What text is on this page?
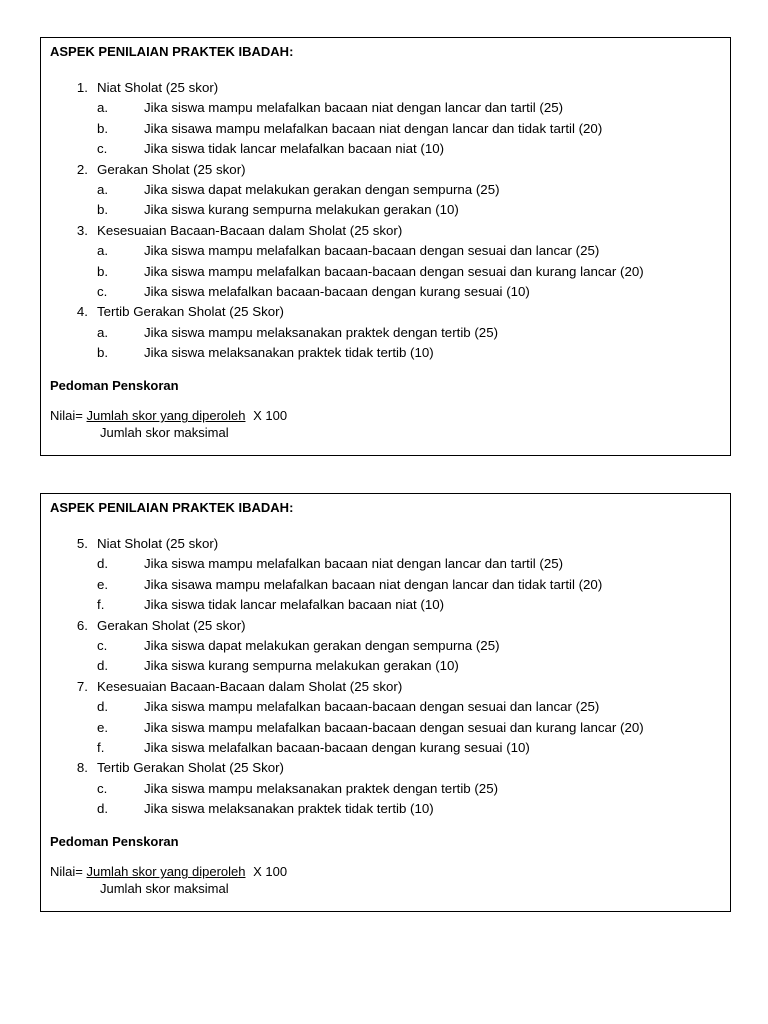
ASPEK PENILAIAN PRAKTEK IBADAH:

1. Niat Sholat (25 skor)
a.	Jika siswa mampu melafalkan bacaan niat dengan lancar dan tartil (25)
b.	Jika sisawa mampu melafalkan bacaan niat dengan lancar dan tidak tartil (20)
c.	Jika siswa tidak lancar melafalkan bacaan niat (10)
2. Gerakan Sholat (25 skor)
a.	Jika siswa dapat melakukan gerakan dengan sempurna (25)
b.	Jika siswa kurang sempurna melakukan gerakan (10)
3. Kesesuaian Bacaan-Bacaan dalam Sholat (25 skor)
a.	Jika siswa mampu melafalkan bacaan-bacaan dengan sesuai dan lancar (25)
b.	Jika siswa mampu melafalkan bacaan-bacaan dengan sesuai dan kurang lancar (20)
c.	Jika siswa melafalkan bacaan-bacaan dengan kurang sesuai (10)
4. Tertib Gerakan Sholat (25 Skor)
a.	Jika siswa mampu melaksanakan praktek dengan tertib (25)
b.	Jika siswa melaksanakan praktek tidak tertib (10)

Pedoman Penskoran

Nilai= Jumlah skor yang diperoleh X 100
Jumlah skor maksimal

ASPEK PENILAIAN PRAKTEK IBADAH:

5. Niat Sholat (25 skor)
d.	Jika siswa mampu melafalkan bacaan niat dengan lancar dan tartil (25)
e.	Jika sisawa mampu melafalkan bacaan niat dengan lancar dan tidak tartil (20)
f.	Jika siswa tidak lancar melafalkan bacaan niat (10)
6. Gerakan Sholat (25 skor)
c.	Jika siswa dapat melakukan gerakan dengan sempurna (25)
d.	Jika siswa kurang sempurna melakukan gerakan (10)
7. Kesesuaian Bacaan-Bacaan dalam Sholat (25 skor)
d.	Jika siswa mampu melafalkan bacaan-bacaan dengan sesuai dan lancar (25)
e.	Jika siswa mampu melafalkan bacaan-bacaan dengan sesuai dan kurang lancar (20)
f.	Jika siswa melafalkan bacaan-bacaan dengan kurang sesuai (10)
8. Tertib Gerakan Sholat (25 Skor)
c.	Jika siswa mampu melaksanakan praktek dengan tertib (25)
d.	Jika siswa melaksanakan praktek tidak tertib (10)

Pedoman Penskoran

Nilai= Jumlah skor yang diperoleh X 100
Jumlah skor maksimal
